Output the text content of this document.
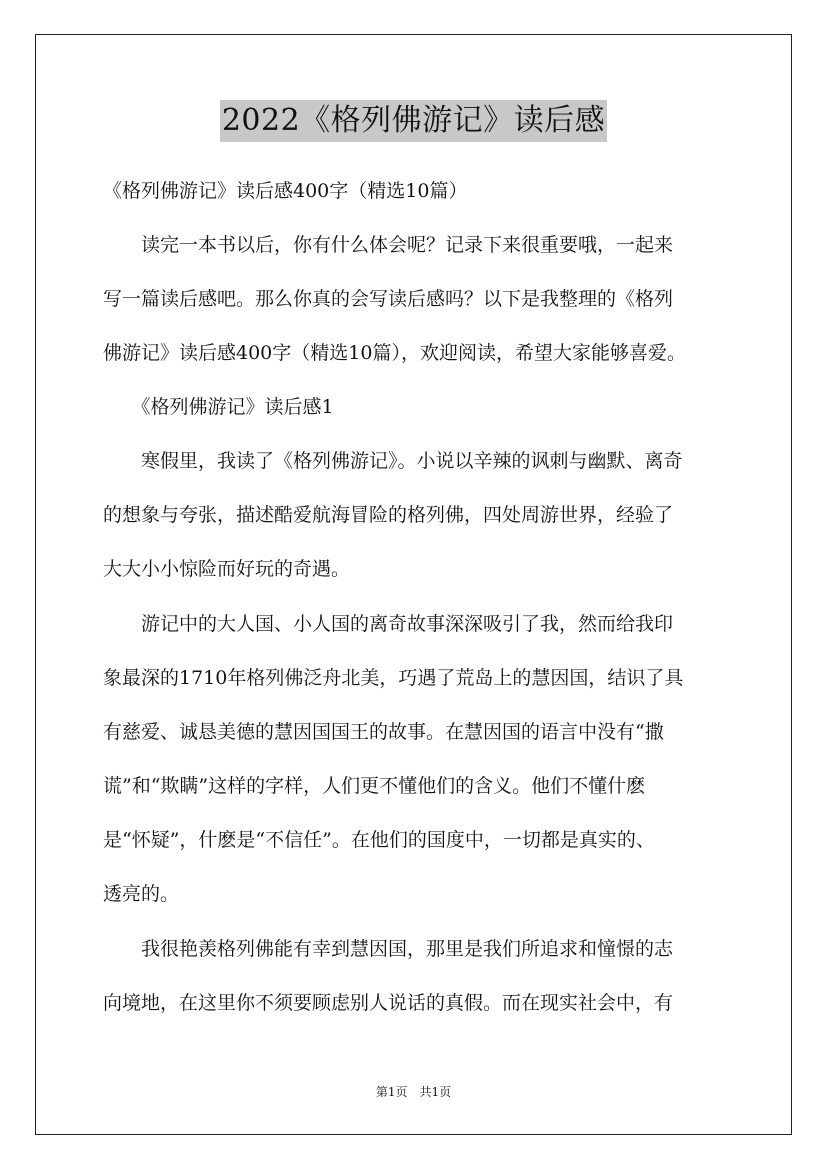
2022《格列佛游记》读后感
《格列佛游记》读后感400字（精选10篇）
　　读完一本书以后，你有什么体会呢？记录下来很重要哦，一起来
写一篇读后感吧。那么你真的会写读后感吗？以下是我整理的《格列
佛游记》读后感400字（精选10篇），欢迎阅读，希望大家能够喜爱。
　　《格列佛游记》读后感1
　　寒假里，我读了《格列佛游记》。小说以辛辣的讽刺与幽默、离奇
的想象与夸张，描述酷爱航海冒险的格列佛，四处周游世界，经验了
大大小小惊险而好玩的奇遇。
　　游记中的大人国、小人国的离奇故事深深吸引了我，然而给我印
象最深的1710年格列佛泛舟北美，巧遇了荒岛上的慧因国，结识了具
有慈爱、诚恳美德的慧因国国王的故事。在慧因国的语言中没有“撒
谎”和“欺瞒”这样的字样，人们更不懂他们的含义。他们不懂什麽
是“怀疑”，什麽是“不信任”。在他们的国度中，一切都是真实的、
透亮的。
　　我很艳羡格列佛能有幸到慧因国，那里是我们所追求和憧憬的志
向境地，在这里你不须要顾虑别人说话的真假。而在现实社会中，有
第1页　共1页
